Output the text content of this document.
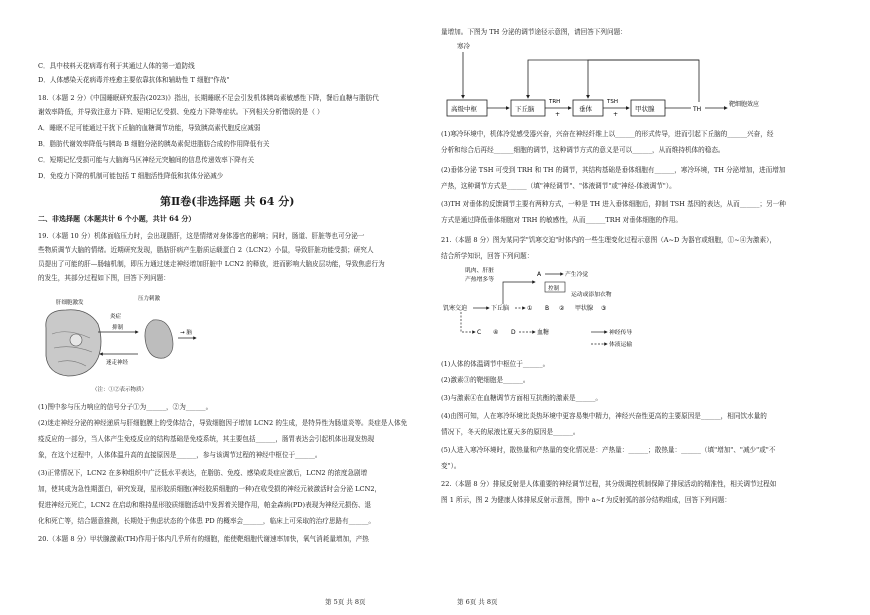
C．具中枝料天花病毒有利于其通过人体的第一道防线
D．人体感染天花病毒并痊愈主要依靠抗体和辅助性 T 细胞"作战"
18.（本题 2 分）《中国睡眠研究报告(2023)》指出，长期睡眠不足会引发机体胰岛素敏感性下降，餐后血糖与脂肪代
谢效率降低，并导致注意力下降、短期记忆受损、免疫力下降等症状。下列相关分析错误的是（ ）
A．睡眠不足可能通过干扰下丘脑的血糖调节功能，导致胰高素代胞反应减弱
B．脂肪代谢效率降低与胰岛 B 细胞分泌的胰岛素促进脂肪合成的作用降低有关
C．短期记忆受损可能与大脑海马区神经元突触间的信息传递效率下降有关
D．免疫力下降的机制可能包括 T 细胞活性降低和抗体分泌减少
第Ⅱ卷(非选择题 共 64 分)
二、非选择题（本题共计 6 个小题，共计 64 分）
19.（本题 10 分）机体面临压力时，会出现脂肝，这是情绪对身体器官的影响；同时，肠道、肝脏等也可分泌一
些物质调节大脑的情绪。近期研究发现，脂肪肝病产生脂质运载蛋白 2（LCN2）小鼠，导致肝脏功能受损；研究人
员提出了可能的肝—肠轴机制，即压力通过迷走神经增加肝脏中 LCN2 的释放，进而影响大脑皮层功能，导致焦虑行为
的发生，其部分过程如下图，回答下列问题：
压力刺激
肝细胞激发
炎症
抑制
→ 脑
迷走神经
（注：①②表示物质）
(1)图中参与压力响应的信号分子①为______，②为______。
(2)迷走神经分泌的神经递质与肝细胞膜上的受体结合，导致细胞因子增加 LCN2 的生成，是特异性为肠道炎等。炎症是人体免
疫反应的一部分，当人体产生免疫反应的结构基础是免疫系统，其主要包括______，肠胃表达会引起机体出现发热现
象，在这个过程中，人体体温升高的直接原因是______，参与该调节过程的神经中枢位于______。
(3)正常情况下，LCN2 在多种组织中广泛低水平表达，在脂肪、免疫、感染或炎症应激后，LCN2 的浓度急剧增
加，使其成为急性期蛋白，研究发现，星形胶质细胞(神经胶质细胞的一种)在收受损的神经元被激活时会分泌 LCN2，
促进神经元死亡，LCN2 在启动和维持星形胶质细胞活动中发挥着关键作用，帕金森病(PD)表现为神经元损伤、退
化和死亡等，结合题意推测，长期处于焦虑状态的个体患 PD 的概率会______，临床上可采取的治疗思路有______。
20.（本题 8 分）甲状腺激素(TH)作用于体内几乎所有的细胞，能使靶细胞代谢速率加快，氧气消耗量增加，产热
第 5页 共 8页
量增加。下图为 TH 分泌的调节途径示意图，请回答下列问题：
寒冷
高级中枢	下丘脑
TRH
+
垂体
TSH
+
甲状腺	TH
靶细胞效应
(1)寒冷环境中，机体冷觉感受器兴奋，兴奋在神经纤维上以______的形式传导，进而引起下丘脑的______兴奋，经
分析和综合后再经______细胞的调节，这种调节方式的意义是可以______，从而维持机体的稳态。
(2)垂体分泌 TSH 可受到 TRH 和 TH 的调节，其结构基础是垂体细胞有______，寒冷环境，TH 分泌增加，进而增加
产热，这种调节方式是______（填"神经调节"、"体液调节"或"神经-体液调节"）。
(3)TH 对垂体的反馈调节主要有两种方式，一种是 TH 进入垂体细胞后，抑制 TSH 基因的表达，从而______；另一种
方式是通过降低垂体细胞对 TRH 的敏感性，从而______TRH 对垂体细胞的作用。
21.（本题 8 分）图为某同学"饥寒交迫"时体内的一些生理变化过程示意图（A~D 为器官或细胞，①~④为激素），
结合所学知识，回答下列问题：
肌肉、肝脏
产热增多等
A	产生冷觉
控制
运动或添加衣物
饥寒交迫	下丘脑	① B ② 甲状腺 ③
C ④ D	血糖	神经传导
体液运输
(1)人体的体温调节中枢位于______。
(2)激素③的靶细胞是______。
(3)与激素④在血糖调节方面相互抗衡的激素是______。
(4)由图可知，人在寒冷环境比炎热环境中更容易集中精力，神经兴奋性更高的主要原因是______，相同饮水量的
情况下，冬天的尿液比夏天多的原因是______。
(5)人进入寒冷环境时，散热量和产热量的变化情况是：产热量：______；散热量：______（填"增加"、"减少"或"不
变"）。
22.（本题 8 分）排尿反射是人体重要的神经调节过程，其分级调控机制保障了排尿活动的精准性，相关调节过程如
图 1 所示，图 2 为健康人体排尿反射示意图，图中 a~f 为反射弧的部分结构组成，回答下列问题：
第 6页 共 8页
